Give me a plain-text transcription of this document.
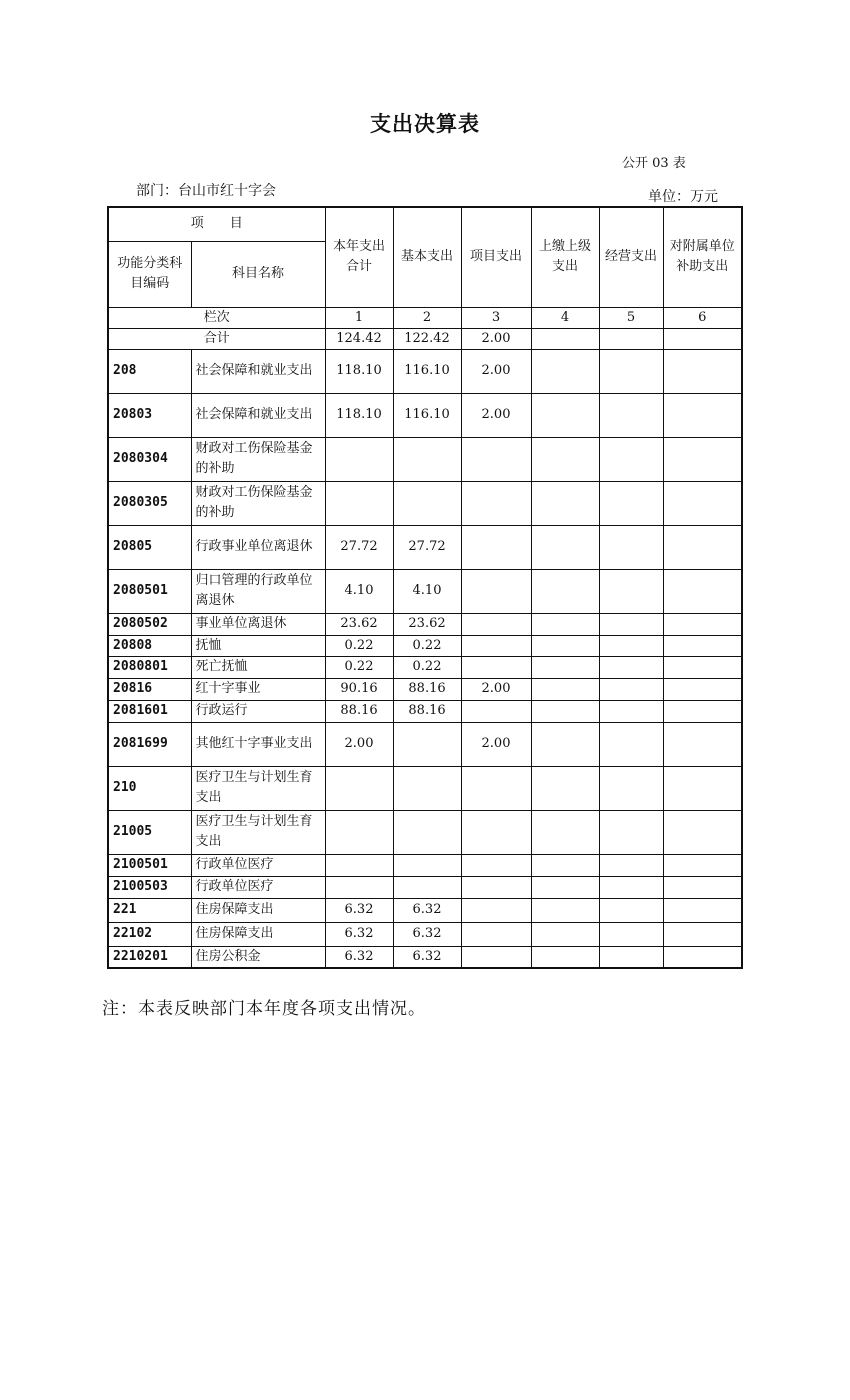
支出决算表
公开 03 表
部门：台山市红十字会	单位：万元
项　　目		本年支出合计	基本支出	项目支出	上缴上级支出	经营支出	对附属单位补助支出
功能分类科目编码	科目名称						
栏次		1	2	3	4	5	6
合计		124.42	122.42	2.00			
208	社会保障和就业支出	118.10	116.10	2.00			
20803	社会保障和就业支出	118.10	116.10	2.00			
2080304	财政对工伤保险基金的补助						
2080305	财政对工伤保险基金的补助						
20805	行政事业单位离退休	27.72	27.72				
2080501	归口管理的行政单位离退休	4.10	4.10				
2080502	事业单位离退休	23.62	23.62				
20808	抚恤	0.22	0.22				
2080801	死亡抚恤	0.22	0.22				
20816	红十字事业	90.16	88.16	2.00			
2081601	行政运行	88.16	88.16				
2081699	其他红十字事业支出	2.00		2.00			
210	医疗卫生与计划生育支出						
21005	医疗卫生与计划生育支出						
2100501	行政单位医疗						
2100503	行政单位医疗						
221	住房保障支出	6.32	6.32				
22102	住房保障支出	6.32	6.32				
2210201	住房公积金	6.32	6.32				
注：本表反映部门本年度各项支出情况。
